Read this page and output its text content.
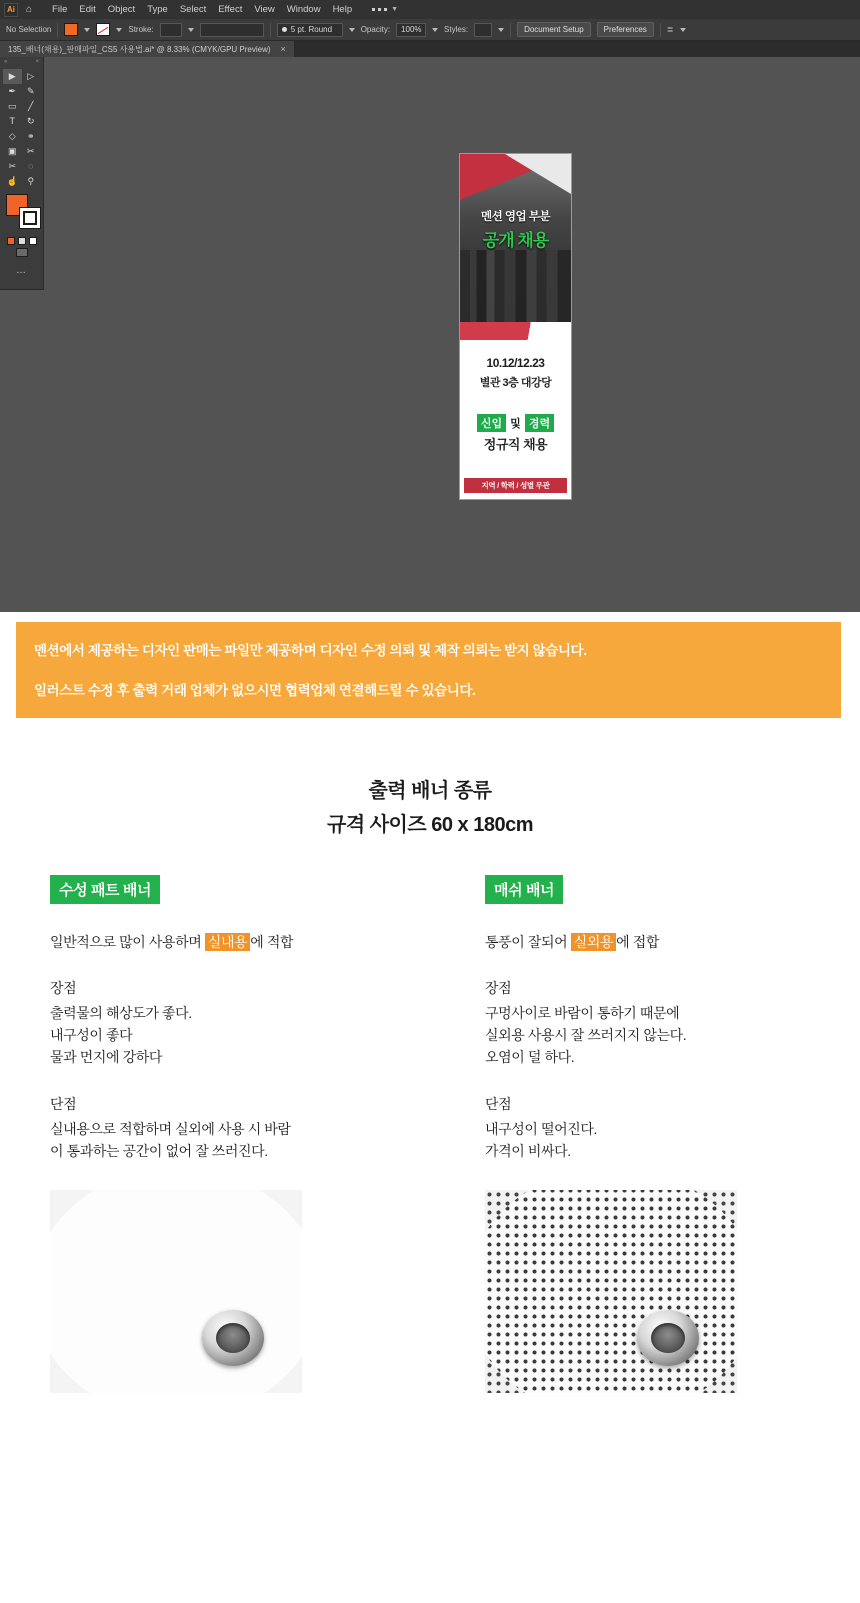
Ai	⌂	File	Edit	Object	Type	Select	Effect	View	Window	Help	▼
No Selection	Stroke:	5 pt. Round	Opacity:	100%	Styles:	Document Setup	Preferences	≣
135_배너(채용)_판매파일_CS5 사용법.ai* @ 8.33% (CMYK/GPU Preview) ×
«	×
▶	▷
✒	✎
▭	╱
T	↻
◇	⚭
▣	✂
✂	◌
☝	⚲
…
멘션 영업 부분
공개 채용
10.12/12.23
별관 3층 대강당
신입 및 경력
정규직 채용
지역 / 학력 / 성별 무관

멘션에서 제공하는 디자인 판매는 파일만 제공하며 디자인 수정 의뢰 및 제작 의뢰는 받지 않습니다.

일러스트 수정 후 출력 거래 업체가 없으시면 협력업체 연결해드릴 수 있습니다.

출력 배너 종류
규격 사이즈 60 x 180cm
수성 패트 배너

일반적으로 많이 사용하며 실내용 에 적합

장점
출력물의 해상도가 좋다.
내구성이 좋다
물과 먼지에 강하다
단점
실내용으로 적합하며 실외에 사용 시 바람
이 통과하는 공간이 없어 잘 쓰러진다.
매쉬 배너

통풍이 잘되어 실외용 에 접합

장점
구멍사이로 바람이 통하기 때문에
실외용 사용시 잘 쓰러지지 않는다.
오염이 덜 하다.
단점
내구성이 떨어진다.
가격이 비싸다.
